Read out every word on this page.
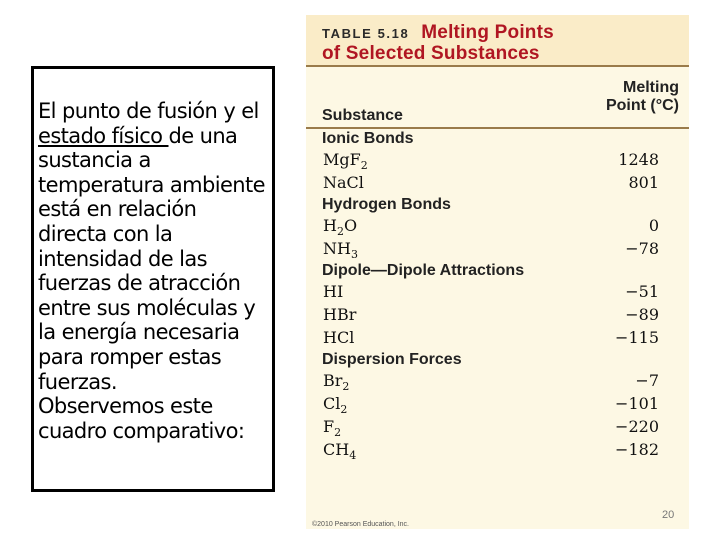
El punto de fusión y el estado físico de una sustancia a temperatura ambiente está en relación directa con la intensidad de las fuerzas de atracción entre sus moléculas y la energía necesaria para romper estas fuerzas.

Observemos este cuadro comparativo:

TABLE 5.18 Melting Points
of Selected Substances
Substance
Melting
Point (°C)
Ionic Bonds
MgF$_2$	1248
NaCl	801
Hydrogen Bonds
$H_2O$	0
$NH_3$	−78
Dipole—Dipole Attractions
HI	−51
HBr	−89
HCl	−115
Dispersion Forces
$Br_2$	−7
$Cl_2$	−101
$F_2$	−220
$CH_4$	−182
©2010 Pearson Education, Inc.
20
